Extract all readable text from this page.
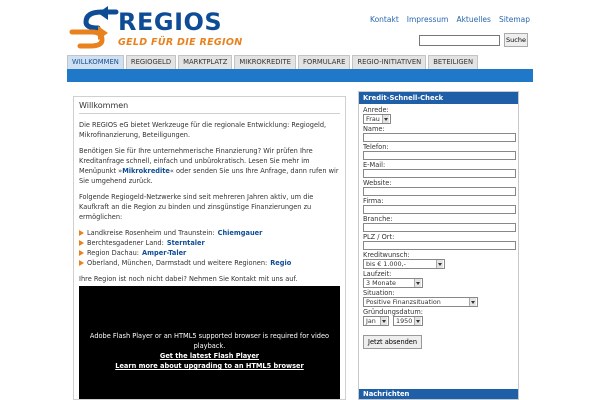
REGIOS
GELD FÜR DIE REGION
Kontakt Impressum Aktuelles Sitemap
Suche
WILLKOMMEN	REGIOGELD	MARKTPLATZ	MIKROKREDITE	FORMULARE	REGIO-INITIATIVEN	BETEILIGEN
Willkommen

Die REGIOS eG bietet Werkzeuge für die regionale Entwicklung: Regiogeld, Mikrofinanzierung, Beteiligungen.

Benötigen Sie für Ihre unternehmerische Finanzierung? Wir prüfen Ihre Kreditanfrage schnell, einfach und unbürokratisch. Lesen Sie mehr im Menüpunkt »Mikrokredite« oder senden Sie uns Ihre Anfrage, dann rufen wir Sie umgehend zurück.

Folgende Regiogeld-Netzwerke sind seit mehreren Jahren aktiv, um die Kaufkraft an die Region zu binden und zinsgünstige Finanzierungen zu ermöglichen:

Landkreise Rosenheim und Traunstein: Chiemgauer
Berchtesgadener Land: Sterntaler
Region Dachau: Amper-Taler
Oberland, München, Darmstadt und weitere Regionen: Regio

Ihre Region ist noch nicht dabei? Nehmen Sie Kontakt mit uns auf.

Adobe Flash Player or an HTML5 supported browser is required for video
playback.
Get the latest Flash Player
Learn more about upgrading to an HTML5 browser
Kredit-Schnell-Check
Anrede:
Frau
Name:
Telefon:
E-Mail:
Website:
Firma:
Branche:
PLZ / Ort:
Kreditwunsch:
bis € 1.000,-
Laufzeit:
3 Monate
Situation:
Positive Finanzsituation
Gründungsdatum:
Jan	1950
Jetzt absenden
Nachrichten
